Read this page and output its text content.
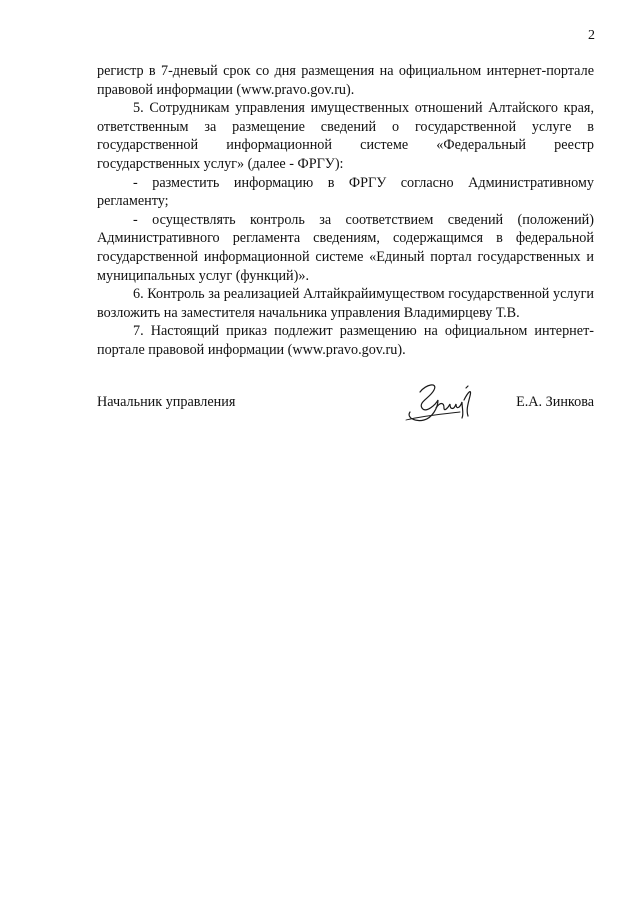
2

регистр в 7-дневый срок со дня размещения на официальном интернет-портале правовой информации (www.pravo.gov.ru).

5. Сотрудникам управления имущественных отношений Алтайского края, ответственным за размещение сведений о государственной услуге в государственной информационной системе «Федеральный реестр государственных услуг» (далее - ФРГУ):

- разместить информацию в ФРГУ согласно Административному регламенту;

- осуществлять контроль за соответствием сведений (положений) Административного регламента сведениям, содержащимся в федеральной государственной информационной системе «Единый портал государственных и муниципальных услуг (функций)».

6. Контроль за реализацией Алтайкрайимуществом государственной услуги возложить на заместителя начальника управления Владимирцеву Т.В.

7. Настоящий приказ подлежит размещению на официальном интернет-портале правовой информации (www.pravo.gov.ru).

Начальник управления	Е.А. Зинкова
